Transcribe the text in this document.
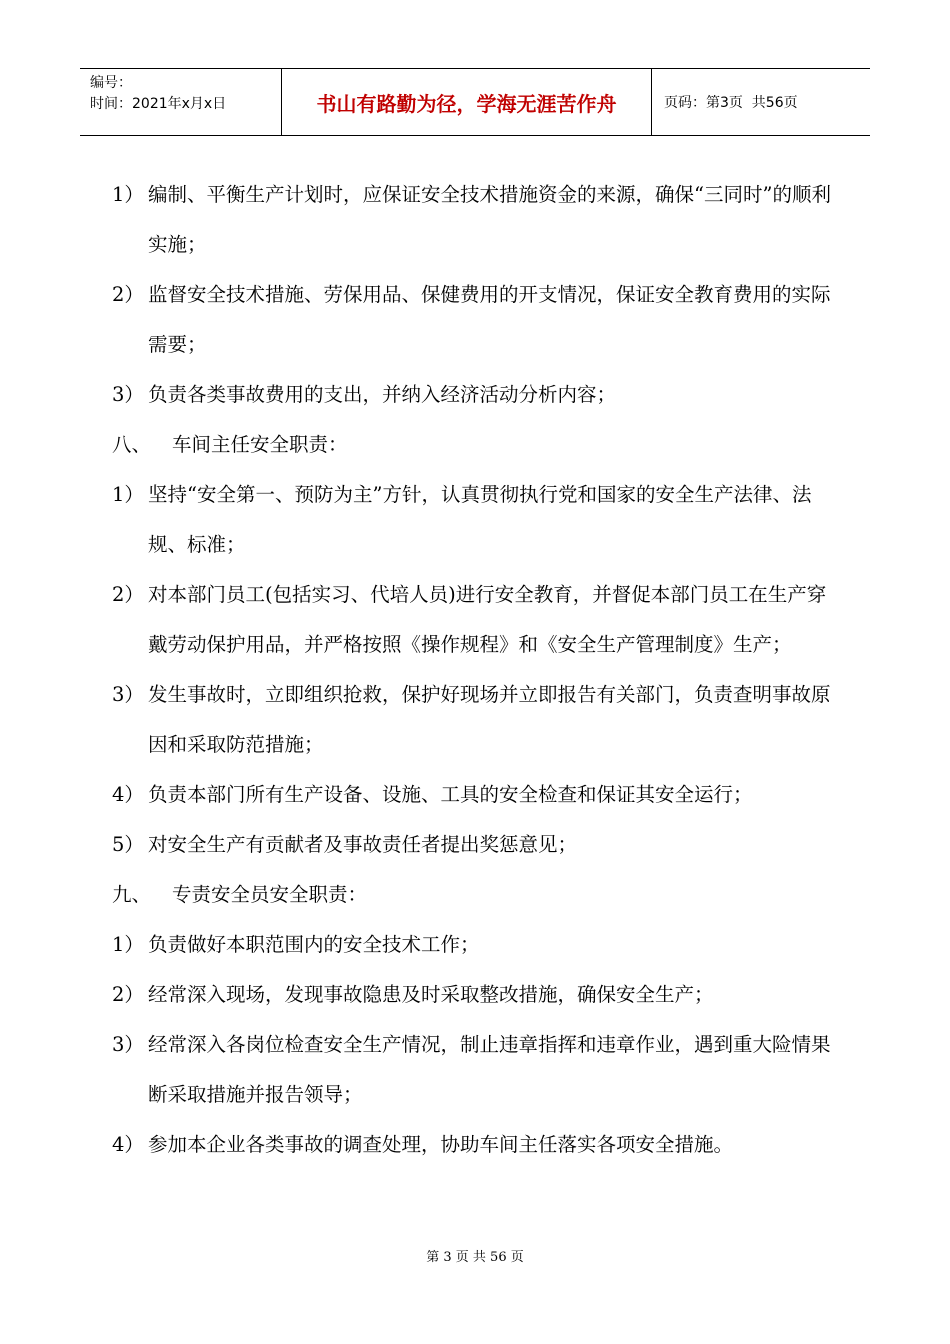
编号：
时间：2021年x月x日	书山有路勤为径，学海无涯苦作舟	页码：第3页  共56页

1） 编制、平衡生产计划时，应保证安全技术措施资金的来源，确保“三同时”的顺利实施；

2） 监督安全技术措施、劳保用品、保健费用的开支情况，保证安全教育费用的实际需要；

3） 负责各类事故费用的支出，并纳入经济活动分析内容；

八、 车间主任安全职责：

1） 坚持“安全第一、预防为主”方针，认真贯彻执行党和国家的安全生产法律、法规、标准；

2） 对本部门员工(包括实习、代培人员)进行安全教育，并督促本部门员工在生产穿戴劳动保护用品，并严格按照《操作规程》和《安全生产管理制度》生产；

3） 发生事故时，立即组织抢救，保护好现场并立即报告有关部门，负责查明事故原因和采取防范措施；

4） 负责本部门所有生产设备、设施、工具的安全检查和保证其安全运行；

5） 对安全生产有贡献者及事故责任者提出奖惩意见；

九、 专责安全员安全职责：

1） 负责做好本职范围内的安全技术工作；

2） 经常深入现场，发现事故隐患及时采取整改措施，确保安全生产；

3） 经常深入各岗位检查安全生产情况，制止违章指挥和违章作业，遇到重大险情果断采取措施并报告领导；

4） 参加本企业各类事故的调查处理，协助车间主任落实各项安全措施。

第 3 页 共 56 页
